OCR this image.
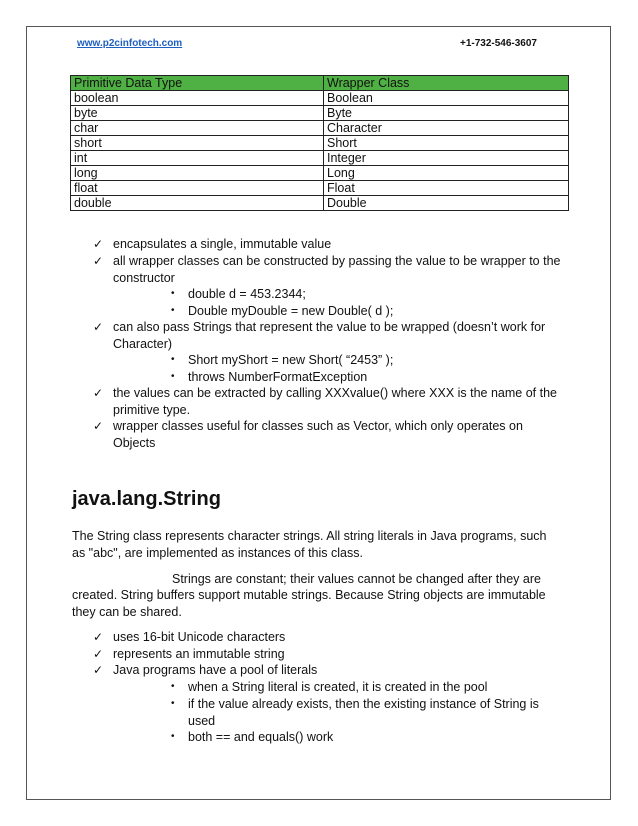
www.p2cinfotech.com	+1-732-546-3607
Primitive Data Type	Wrapper Class
boolean	Boolean
byte	Byte
char	Character
short	Short
int	Integer
long	Long
float	Float
double	Double
✓ encapsulates a single, immutable value
✓ all wrapper classes can be constructed by passing the value to be wrapper to the constructor
• double d = 453.2344;
• Double myDouble = new Double( d );
✓ can also pass Strings that represent the value to be wrapped (doesn’t work for Character)
• Short myShort = new Short( “2453” );
• throws NumberFormatException
✓ the values can be extracted by calling XXXvalue() where XXX is the name of the primitive type.
✓ wrapper classes useful for classes such as Vector, which only operates on Objects
java.lang.String
The String class represents character strings. All string literals in Java programs, such as "abc", are implemented as instances of this class.
Strings are constant; their values cannot be changed after they are
created. String buffers support mutable strings. Because String objects are immutable they can be shared.
✓ uses 16-bit Unicode characters
✓ represents an immutable string
✓ Java programs have a pool of literals
• when a String literal is created, it is created in the pool
• if the value already exists, then the existing instance of String is used
• both == and equals() work
